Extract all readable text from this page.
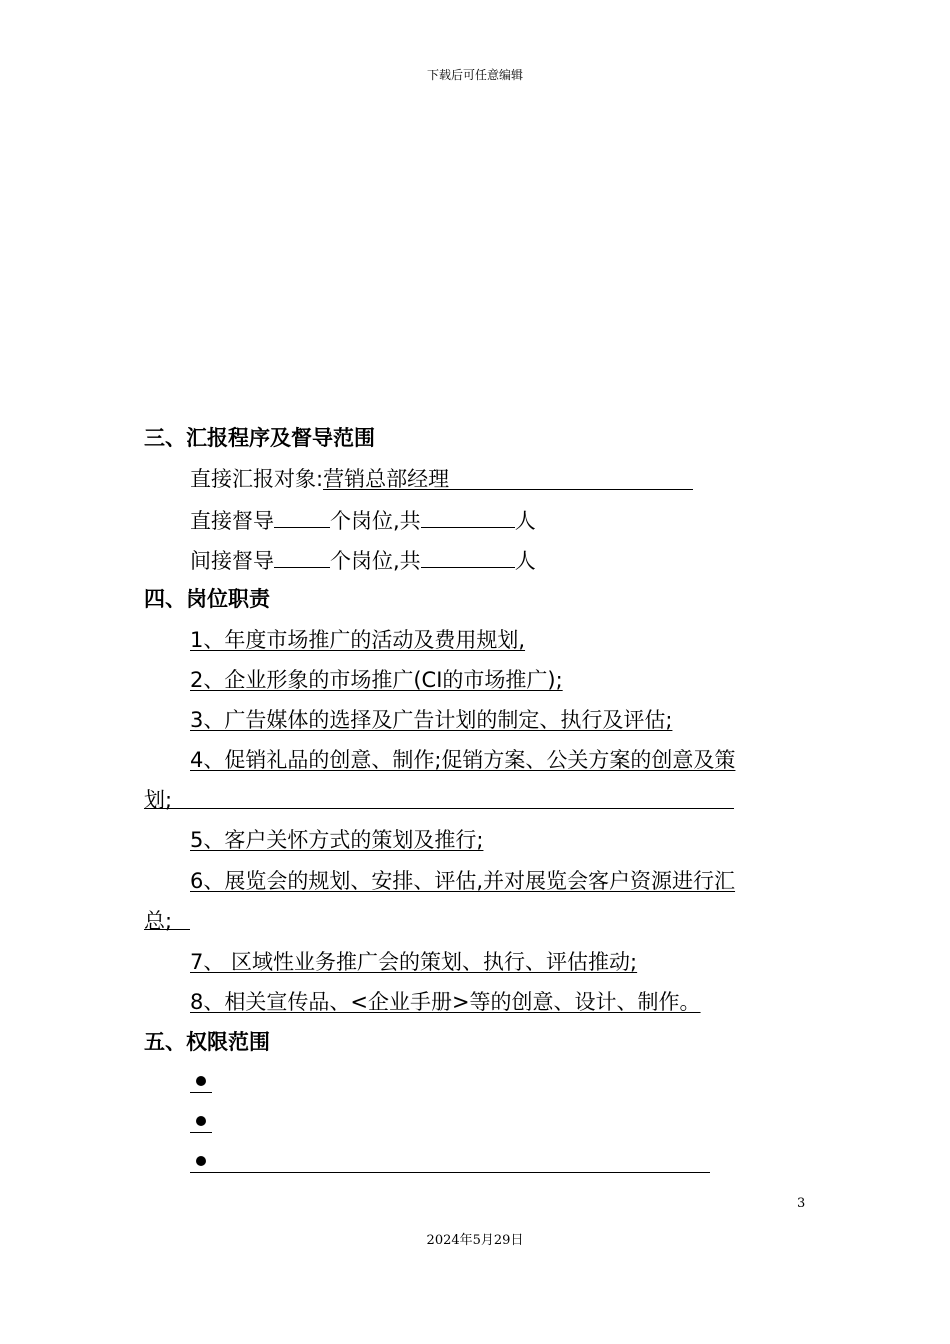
下载后可任意编辑
三、汇报程序及督导范围
直接汇报对象:营销总部经理
直接督导	个岗位,共	人
间接督导	个岗位,共	人
四、岗位职责
1、年度市场推广的活动及费用规划,
2、企业形象的市场推广(CI的市场推广);
3、广告媒体的选择及广告计划的制定、执行及评估;
4、促销礼品的创意、制作;促销方案、公关方案的创意及策
划;
5、客户关怀方式的策划及推行;
6、展览会的规划、安排、评估,并对展览会客户资源进行汇
总;
7、 区域性业务推广会的策划、执行、评估推动;
8、相关宣传品、<企业手册>等的创意、设计、制作。
五、权限范围
3
2024年5月29日
